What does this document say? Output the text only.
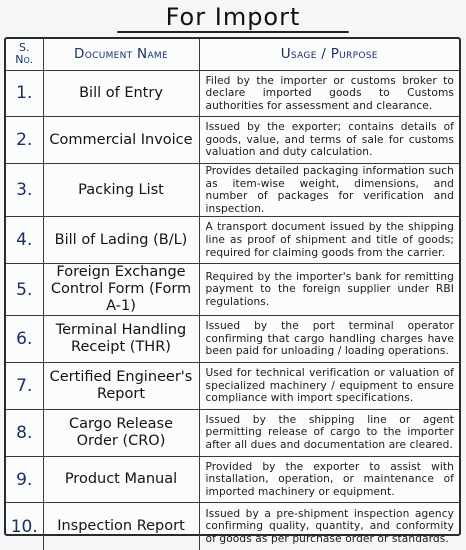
For Import
S.
No.	Document Name	Usage / Purpose
1.	Bill of Entry	Filed by the importer or customs broker to declare imported goods to Customs authorities for assessment and clearance.
2.	Commercial Invoice	Issued by the exporter; contains details of goods, value, and terms of sale for customs valuation and duty calculation.
3.	Packing List	Provides detailed packaging information such as item-wise weight, dimensions, and number of packages for verification and inspection.
4.	Bill of Lading (B/L)	A transport document issued by the shipping line as proof of shipment and title of goods; required for claiming goods from the carrier.
5.	Foreign Exchange Control Form (Form A-1)	Required by the importer's bank for remitting payment to the foreign supplier under RBI regulations.
6.	Terminal Handling Receipt (THR)	Issued by the port terminal operator confirming that cargo handling charges have been paid for unloading / loading operations.
7.	Certified Engineer's Report	Used for technical verification or valuation of specialized machinery / equipment to ensure compliance with import specifications.
8.	Cargo Release Order (CRO)	Issued by the shipping line or agent permitting release of cargo to the importer after all dues and documentation are cleared.
9.	Product Manual	Provided by the exporter to assist with installation, operation, or maintenance of imported machinery or equipment.
10.	Inspection Report	Issued by a pre-shipment inspection agency confirming quality, quantity, and conformity of goods as per purchase order or standards.
